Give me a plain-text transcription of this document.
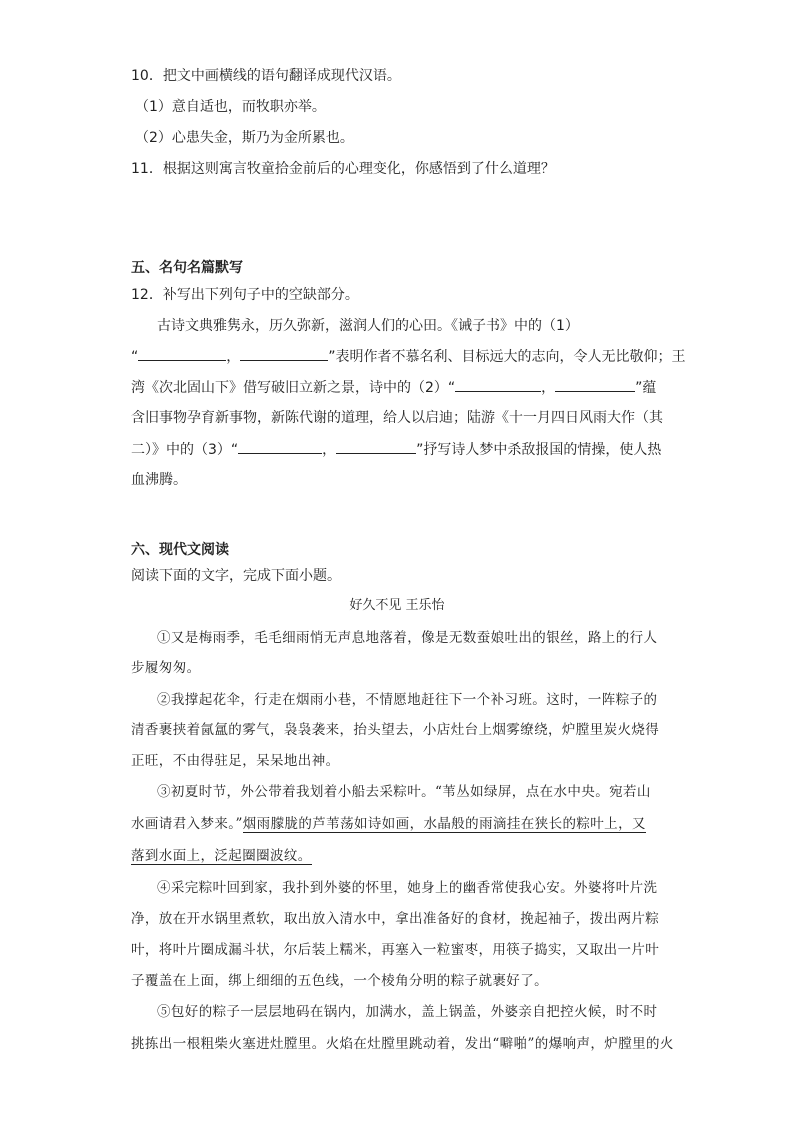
10．把文中画横线的语句翻译成现代汉语。

（1）意自适也，而牧职亦举。

（2）心患失金，斯乃为金所累也。

11．根据这则寓言牧童拾金前后的心理变化，你感悟到了什么道理？

五、名句名篇默写

12．补写出下列句子中的空缺部分。

古诗文典雅隽永，历久弥新，滋润人们的心田。《诫子书》中的（1）

“	，	”表明作者不慕名利、目标远大的志向，令人无比敬仰；王

湾《次北固山下》借写破旧立新之景，诗中的（2）“	，	”蕴

含旧事物孕育新事物，新陈代谢的道理，给人以启迪；陆游《十一月四日风雨大作（其

二）》中的（3）“	，	”抒写诗人梦中杀敌报国的情操，使人热

血沸腾。

六、现代文阅读

阅读下面的文字，完成下面小题。

好久不见 王乐怡

①又是梅雨季，毛毛细雨悄无声息地落着，像是无数蚕娘吐出的银丝，路上的行人

步履匆匆。

②我撑起花伞，行走在烟雨小巷，不情愿地赶往下一个补习班。这时，一阵粽子的

清香裹挟着氤氲的雾气，袅袅袭来，抬头望去，小店灶台上烟雾缭绕，炉膛里炭火烧得

正旺，不由得驻足，呆呆地出神。

③初夏时节，外公带着我划着小船去采粽叶。“苇丛如绿屏，点在水中央。宛若山

水画请君入梦来。”烟雨朦胧的芦苇荡如诗如画，水晶般的雨滴挂在狭长的粽叶上，又

落到水面上，泛起圈圈波纹。

④采完粽叶回到家，我扑到外婆的怀里，她身上的幽香常使我心安。外婆将叶片洗

净，放在开水锅里煮软，取出放入清水中，拿出准备好的食材，挽起袖子，拨出两片粽

叶，将叶片圈成漏斗状，尔后装上糯米，再塞入一粒蜜枣，用筷子捣实，又取出一片叶

子覆盖在上面，绑上细细的五色线，一个棱角分明的粽子就裹好了。

⑤包好的粽子一层层地码在锅内，加满水，盖上锅盖，外婆亲自把控火候，时不时

挑拣出一根粗柴火塞进灶膛里。火焰在灶膛里跳动着，发出“噼啪”的爆响声，炉膛里的火
